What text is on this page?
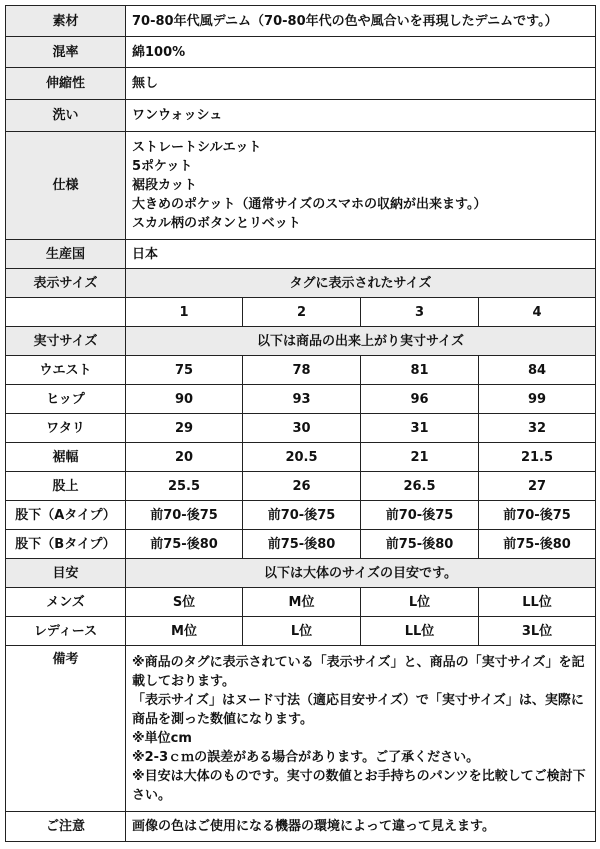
素材	70-80年代風デニム（70-80年代の色や風合いを再現したデニムです。）			
混率	綿100%			
伸縮性	無し			
洗い	ワンウォッシュ			
仕様	ストレートシルエット
5ポケット
裾段カット
大きめのポケット（通常サイズのスマホの収納が出来ます。）
スカル柄のボタンとリベット			

生産国	日本			
表示サイズ	タグに表示されたサイズ			
	1	2	3	4
実寸サイズ	以下は商品の出来上がり実寸サイズ			
ウエスト	75	78	81	84
ヒップ	90	93	96	99
ワタリ	29	30	31	32
裾幅	20	20.5	21	21.5
股上	25.5	26	26.5	27
股下（Aタイプ）	前70-後75	前70-後75	前70-後75	前70-後75
股下（Bタイプ）	前75-後80	前75-後80	前75-後80	前75-後80
目安	以下は大体のサイズの目安です。			
メンズ	S位	M位	L位	LL位
レディース	M位	L位	LL位	3L位
備考	※商品のタグに表示されている「表示サイズ」と、商品の「実寸サイズ」を記載しております。
「表示サイズ」はヌード寸法（適応目安サイズ）で「実寸サイズ」は、実際に商品を測った数値になります。
※単位cm
※2-3ｃｍの誤差がある場合があります。ご了承ください。
※目安は大体のものです。実寸の数値とお手持ちのパンツを比較してご検討下さい。			

ご注意	画像の色はご使用になる機器の環境によって違って見えます。			
